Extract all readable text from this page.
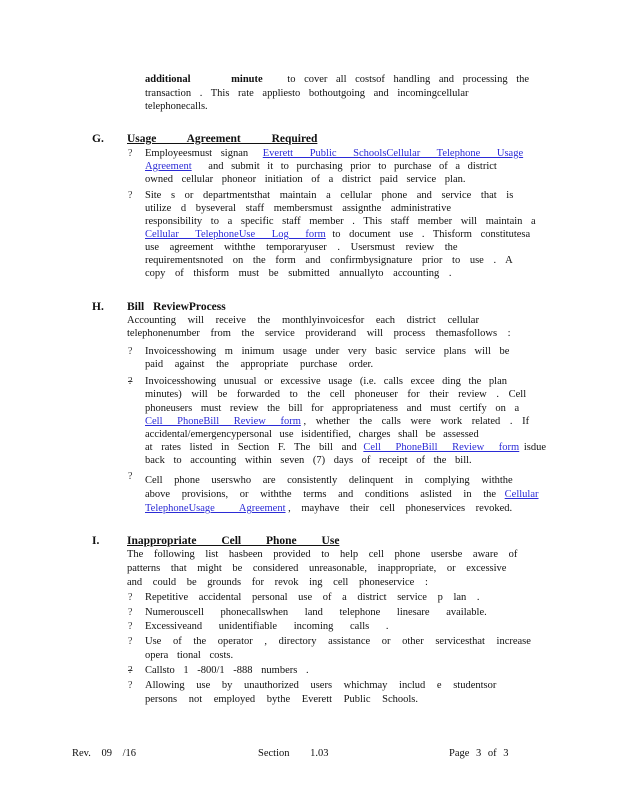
additional	minute to cover all costsof handling and processing the
transaction . This rate appliesto bothoutgoing and incomingcellular
telephonecalls.
G. Usage Agreement Required
? Employeesmust signan Everett Public SchoolsCellular Telephone Usage
Agreement and submit it to purchasing prior to purchase of a district
owned cellular phoneor initiation of a district paid service plan.
? Site s or departmentsthat maintain a cellular phone and service that is
utilize d byseveral staff membersmust assignthe administrative
responsibility to a specific staff member . This staff member will maintain a
Cellular TelephoneUse Log form to document use . Thisform constitutesa
use agreement withthe temporaryuser . Usersmust review the
requirementsnoted on the form and confirmbysignature prior to use . A
copy of thisform must be submitted annuallyto accounting .
H. Bill ReviewProcess
Accounting will receive the monthlyinvoicesfor each district cellular
telephonenumber from the service providerand will process themasfollows :
? Invoicesshowing m inimum usage under very basic service plans will be
paid against the appropriate purchase order.
? Invoicesshowing unusual or excessive usage (i.e. calls excee ding the plan
minutes) will be forwarded to the cell phoneuser for their review . Cell
phoneusers must review the bill for appropriateness and must certify on a
Cell PhoneBill Review form , whether the calls were work related . If
accidental/emergencypersonal use isidentified, charges shall be assessed
at rates listed in Section F. The bill and Cell PhoneBill Review form isdue
back to accounting within seven (7) days of receipt of the bill.
? Cell phone userswho are consistently delinquent in complying withthe
above provisions, or withthe terms and conditions aslisted in the Cellular
TelephoneUsage Agreement , mayhave their cell phoneservices revoked.
I. Inappropriate Cell Phone Use
The following list hasbeen provided to help cell phone usersbe aware of
patterns that might be considered unreasonable, inappropriate, or excessive
and could be grounds for revok ing cell phoneservice :
? Repetitive accidental personal use of a district service p lan .
? Numerouscell phonecallswhen land telephone linesare available.
? Excessiveand unidentifiable incoming calls .
? Use of the operator , directory assistance or other servicesthat increase
opera tional costs.
? Callsto 1 -800/1 -888 numbers .
? Allowing use by unauthorized users whichmay includ e studentsor
persons not employed bythe Everett Public Schools.
Rev. 09 /16	Section 1.03	Page 3 of 3
